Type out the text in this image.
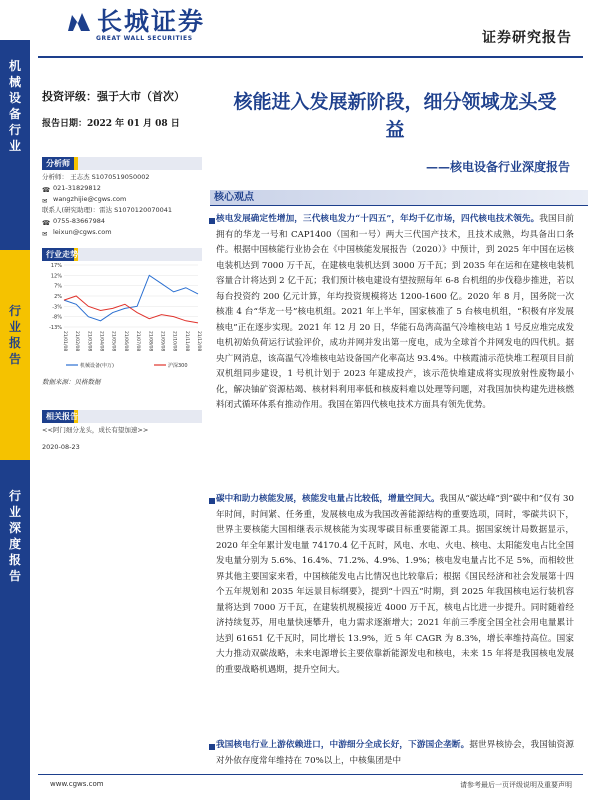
长城证券
GREAT WALL SECURITIES	证券研究报告
机
械
设
备
行
业
行
业
报
告
行
业
深
度
报
告
投资评级：强于大市（首次）
报告日期：2022 年 01 月 08 日
分析师
分析师： 王志杰 S1070519050002
☎ 021-31829812
✉ wangzhijie@cgws.com
联系人(研究助理)：雷达 S1070120070041
☎ 0755-83667984
✉ leixun@cgws.com
行业走势
17%
12%
7%
2%
-3%
-8%
-13%
21/01/08 21/02/08 21/03/08 21/04/08 21/05/08 21/06/08 21/07/08 21/08/08 21/09/08 21/10/08 21/11/08 21/12/08
机械设备(申万)	沪深300
数据来源：贝格数据
相关报告
<<阿门细分龙头，成长有望加速>>
2020-08-23
核能进入发展新阶段，细分领域龙头受
益
——核电设备行业深度报告
核心观点
核电发展确定性增加，三代核电发力“十四五”，年均千亿市场，四代核电技术领先。我国目前拥有的华龙一号和 CAP1400（国和一号）两大三代国产技术，且技术成熟，均具备出口条件。根据中国核能行业协会在《中国核能发展报告（2020）》中预计，到 2025 年中国在运核电装机达到 7000 万千瓦，在建核电装机达到 3000 万千瓦；到 2035 年在运和在建核电装机容量合计将达到 2 亿千瓦；我们预计核电建设有望按照每年 6-8 台机组的步伐稳步推进，若以每台投资约 200 亿元计算，年均投资规模将达 1200-1600 亿。2020 年 8 月，国务院一次核准 4 台“华龙一号”核电机组。2021 年上半年，国家核准了 5 台核电机组，“积极有序发展核电”正在逐步实现。2021 年 12 月 20 日，华能石岛湾高温气冷堆核电站 1 号反应堆完成发电机初始负荷运行试验评价，成功并网并发出第一度电，成为全球首个并网发电的四代机。据央广网消息，该高温气冷堆核电站设备国产化率高达 93.4%。中核霞浦示范快堆工程项目目前双机组同步建设，1 号机计划于 2023 年建成投产，该示范快堆建成将实现放射性废物最小化，解决铀矿资源枯竭、核材料利用率低和核废料难以处理等问题，对我国加快构建先进核燃料闭式循环体系有推动作用。我国在第四代核电技术方面具有领先优势。
碳中和助力核能发展，核能发电量占比较低，增量空间大。我国从“碳达峰”到“碳中和”仅有 30 年时间，时间紧、任务重，发展核电成为我国改善能源结构的重要选项，同时，零碳共识下，世界主要核能大国相继表示规核能为实现零碳目标重要能源工具。据国家统计局数据显示，2020 年全年累计发电量 74170.4 亿千瓦时，风电、水电、火电、核电、太阳能发电占比全国发电量分别为 5.6%、16.4%、71.2%、4.9%、1.9%；核电发电量占比不足 5%，而相较世界其他主要国家来看，中国核能发电占比情况也比较靠后；根据《国民经济和社会发展第十四个五年规划和 2035 年远景目标纲要》，提到“十四五”时期，到 2025 年我国核电运行装机容量将达到 7000 万千瓦，在建装机规模接近 4000 万千瓦，核电占比进一步提升。同时随着经济持续复苏，用电量快速攀升，电力需求逐渐增大；2021 年前三季度全国全社会用电量累计达到 61651 亿千瓦时，同比增长 13.9%，近 5 年 CAGR 为 8.3%，增长率维持高位。国家大力推动双碳战略，未来电源增长主要依靠新能源发电和核电，未来 15 年将是我国核电发展的重要战略机遇期，提升空间大。
我国核电行业上游依赖进口，中游细分全成长好，下游国企垄断。据世界核协会，我国铀资源对外依存度常年维持在 70%以上，中核集团是中
www.cgws.com	请参考最后一页评级说明及重要声明
